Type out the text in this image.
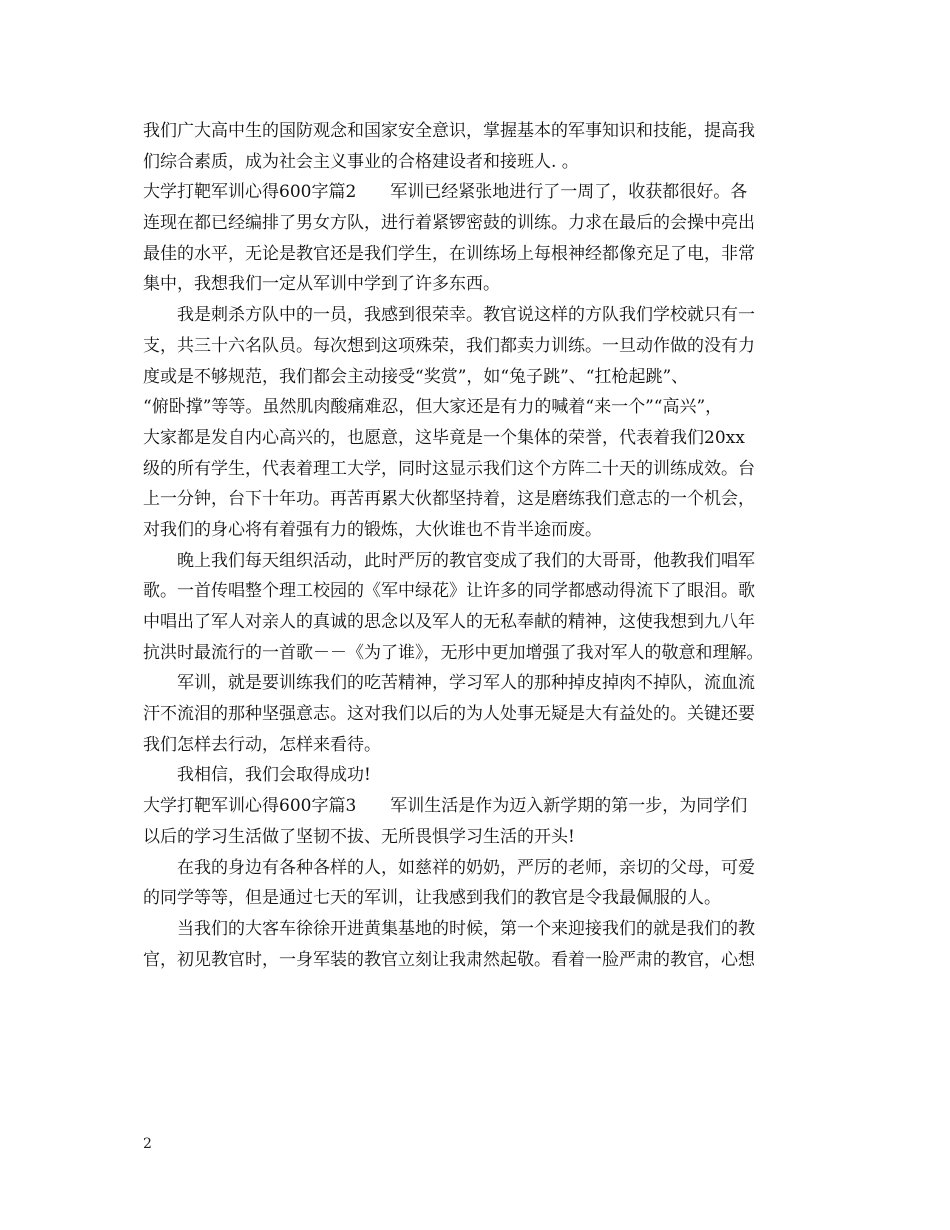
我们广大高中生的国防观念和国家安全意识，掌握基本的军事知识和技能，提高我
们综合素质，成为社会主义事业的合格建设者和接班人. 。
大学打靶军训心得600字篇2　　军训已经紧张地进行了一周了，收获都很好。各
连现在都已经编排了男女方队，进行着紧锣密鼓的训练。力求在最后的会操中亮出
最佳的水平，无论是教官还是我们学生，在训练场上每根神经都像充足了电，非常
集中，我想我们一定从军训中学到了许多东西。
　　我是刺杀方队中的一员，我感到很荣幸。教官说这样的方队我们学校就只有一
支，共三十六名队员。每次想到这项殊荣，我们都卖力训练。一旦动作做的没有力
度或是不够规范，我们都会主动接受“奖赏”，如“兔子跳”、“扛枪起跳”、
“俯卧撑”等等。虽然肌肉酸痛难忍，但大家还是有力的喊着“来一个”“高兴”，
大家都是发自内心高兴的，也愿意，这毕竟是一个集体的荣誉，代表着我们20xx
级的所有学生，代表着理工大学，同时这显示我们这个方阵二十天的训练成效。台
上一分钟，台下十年功。再苦再累大伙都坚持着，这是磨练我们意志的一个机会，
对我们的身心将有着强有力的锻炼，大伙谁也不肯半途而废。
　　晚上我们每天组织活动，此时严厉的教官变成了我们的大哥哥，他教我们唱军
歌。一首传唱整个理工校园的《军中绿花》让许多的同学都感动得流下了眼泪。歌
中唱出了军人对亲人的真诚的思念以及军人的无私奉献的精神，这使我想到九八年
抗洪时最流行的一首歌－－《为了谁》，无形中更加增强了我对军人的敬意和理解。
　　军训，就是要训练我们的吃苦精神，学习军人的那种掉皮掉肉不掉队，流血流
汗不流泪的那种坚强意志。这对我们以后的为人处事无疑是大有益处的。关键还要
我们怎样去行动，怎样来看待。
　　我相信，我们会取得成功!
大学打靶军训心得600字篇3　　军训生活是作为迈入新学期的第一步，为同学们
以后的学习生活做了坚韧不拔、无所畏惧学习生活的开头!
　　在我的身边有各种各样的人，如慈祥的奶奶，严厉的老师，亲切的父母，可爱
的同学等等，但是通过七天的军训，让我感到我们的教官是令我最佩服的人。
　　当我们的大客车徐徐开进黄集基地的时候，第一个来迎接我们的就是我们的教
官，初见教官时，一身军装的教官立刻让我肃然起敬。看着一脸严肃的教官，心想
2
